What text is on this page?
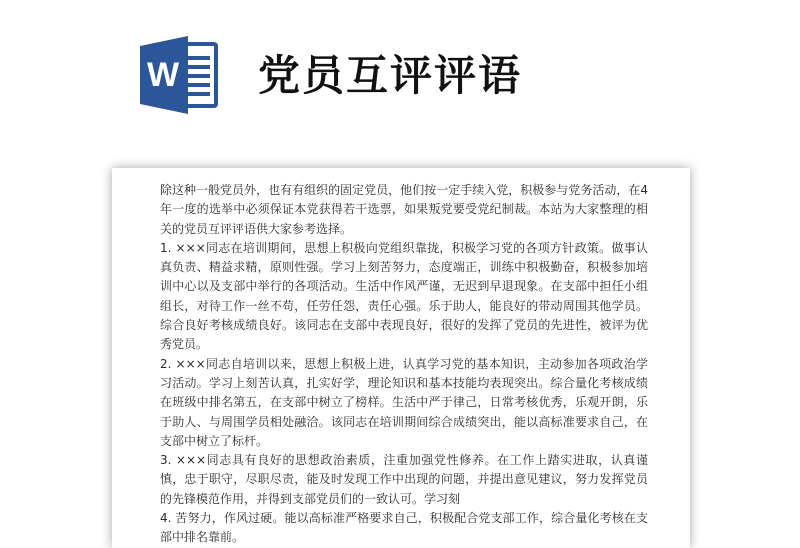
W 党员互评评语

除这种一般党员外，也有有组织的固定党员，他们按一定手续入党，积极参与党务活动，在4年一度的选举中必须保证本党获得若干选票，如果叛党要受党纪制裁。本站为大家整理的相关的党员互评评语供大家参考选择。

1. ×××同志在培训期间，思想上积极向党组织靠拢，积极学习党的各项方针政策。做事认真负责、精益求精，原则性强。学习上刻苦努力，态度端正，训练中积极勤奋，积极参加培训中心以及支部中举行的各项活动。生活中作风严谨，无迟到早退现象。在支部中担任小组组长，对待工作一丝不苟，任劳任怨，责任心强。乐于助人，能良好的带动周围其他学员。综合良好考核成绩良好。该同志在支部中表现良好，很好的发挥了党员的先进性，被评为优秀党员。

2. ×××同志自培训以来，思想上积极上进，认真学习党的基本知识，主动参加各项政治学习活动。学习上刻苦认真，扎实好学，理论知识和基本技能均表现突出。综合量化考核成绩在班级中排名第五，在支部中树立了榜样。生活中严于律己，日常考核优秀，乐观开朗，乐于助人、与周围学员相处融洽。该同志在培训期间综合成绩突出，能以高标准要求自己，在支部中树立了标杆。

3. ×××同志具有良好的思想政治素质，注重加强党性修养。在工作上踏实进取，认真谨慎，忠于职守，尽职尽责，能及时发现工作中出现的问题，并提出意见建议，努力发挥党员的先锋模范作用，并得到支部党员们的一致认可。学习刻

4. 苦努力，作风过硬。能以高标准严格要求自己，积极配合党支部工作，综合量化考核在支部中排名靠前。
